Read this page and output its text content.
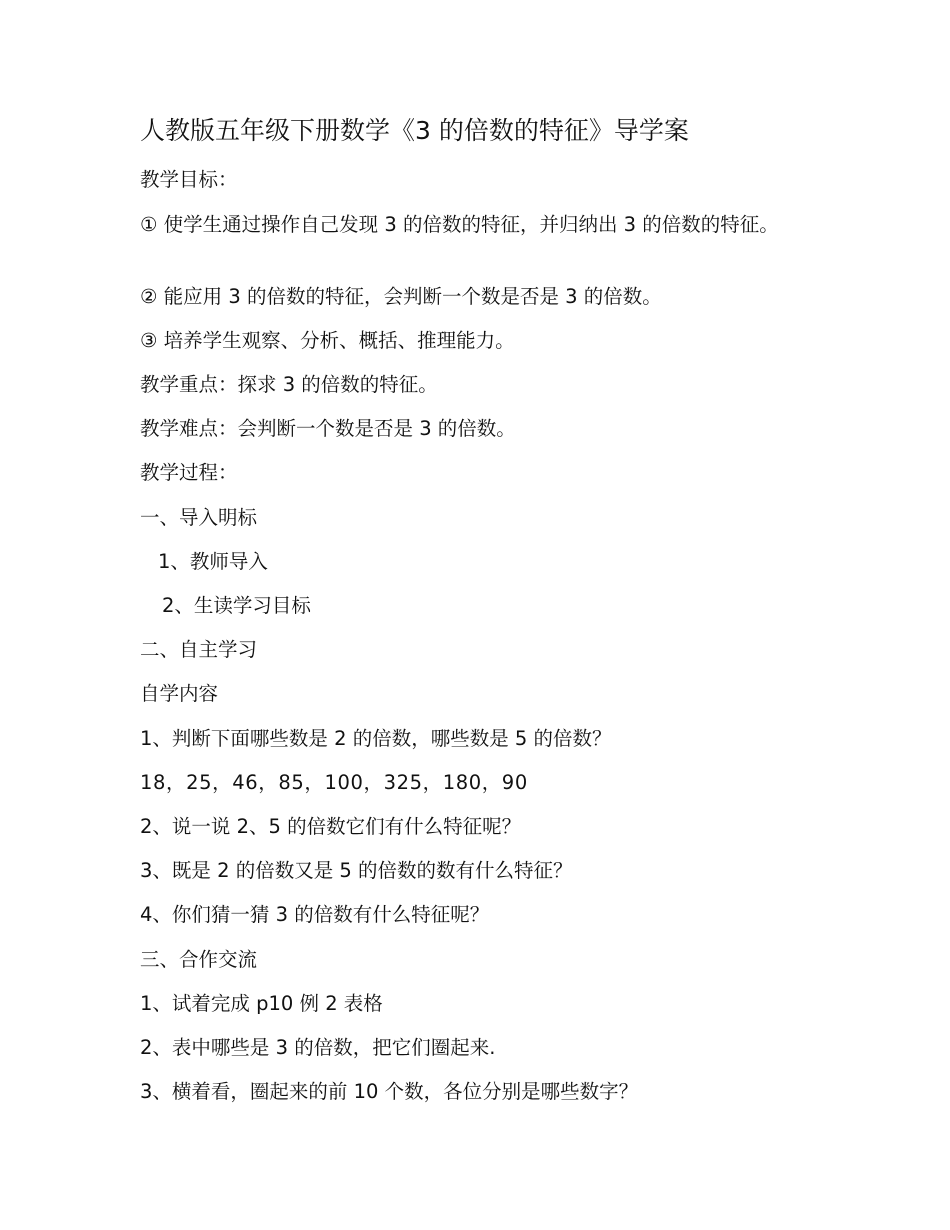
人教版五年级下册数学《3 的倍数的特征》导学案
教学目标：
① 使学生通过操作自己发现 3 的倍数的特征，并归纳出 3 的倍数的特征。
② 能应用 3 的倍数的特征，会判断一个数是否是 3 的倍数。
③ 培养学生观察、分析、概括、推理能力。
教学重点：探求 3 的倍数的特征。
教学难点：会判断一个数是否是 3 的倍数。
教学过程：
一、导入明标
1、教师导入
2、生读学习目标
二、自主学习
自学内容
1、判断下面哪些数是 2 的倍数，哪些数是 5 的倍数？
18，25，46，85，100，325，180，90
2、说一说 2、5 的倍数它们有什么特征呢？
3、既是 2 的倍数又是 5 的倍数的数有什么特征？
4、你们猜一猜 3 的倍数有什么特征呢？
三、合作交流
1、试着完成 p10 例 2 表格
2、表中哪些是 3 的倍数，把它们圈起来.
3、横着看，圈起来的前 10 个数，各位分别是哪些数字？
